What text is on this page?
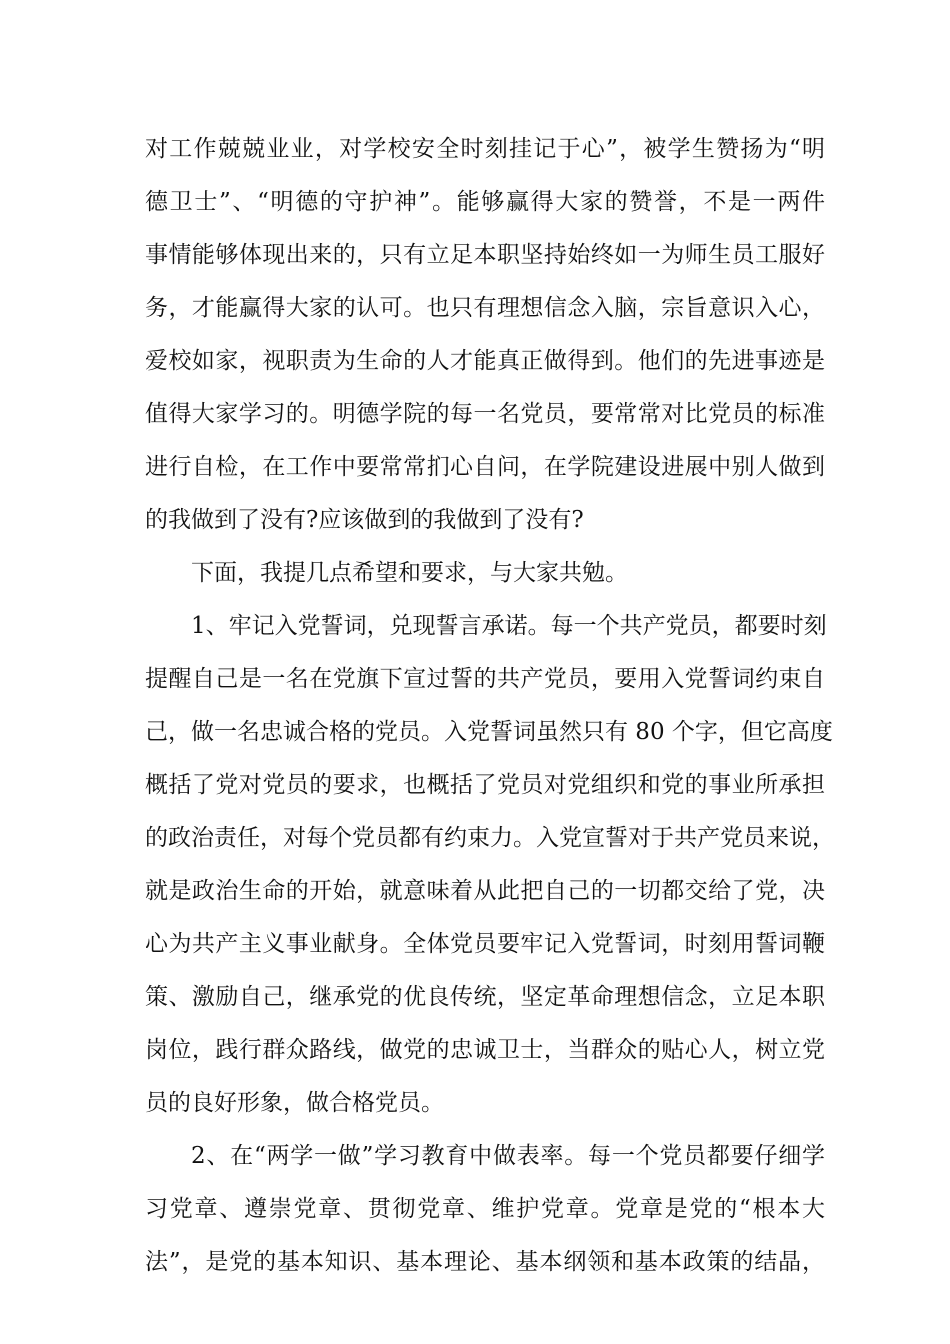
对工作兢兢业业，对学校安全时刻挂记于心”，被学生赞扬为“明
德卫士”、“明德的守护神”。能够赢得大家的赞誉，不是一两件
事情能够体现出来的，只有立足本职坚持始终如一为师生员工服好
务，才能赢得大家的认可。也只有理想信念入脑，宗旨意识入心，
爱校如家，视职责为生命的人才能真正做得到。他们的先进事迹是
值得大家学习的。明德学院的每一名党员，要常常对比党员的标准
进行自检，在工作中要常常扪心自问，在学院建设进展中别人做到
的我做到了没有?应该做到的我做到了没有?
下面，我提几点希望和要求，与大家共勉。
1、牢记入党誓词，兑现誓言承诺。每一个共产党员，都要时刻
提醒自己是一名在党旗下宣过誓的共产党员，要用入党誓词约束自
己，做一名忠诚合格的党员。入党誓词虽然只有 80 个字，但它高度
概括了党对党员的要求，也概括了党员对党组织和党的事业所承担
的政治责任，对每个党员都有约束力。入党宣誓对于共产党员来说，
就是政治生命的开始，就意味着从此把自己的一切都交给了党，决
心为共产主义事业献身。全体党员要牢记入党誓词，时刻用誓词鞭
策、激励自己，继承党的优良传统，坚定革命理想信念，立足本职
岗位，践行群众路线，做党的忠诚卫士，当群众的贴心人，树立党
员的良好形象，做合格党员。
2、在“两学一做”学习教育中做表率。每一个党员都要仔细学
习党章、遵崇党章、贯彻党章、维护党章。党章是党的“根本大
法”，是党的基本知识、基本理论、基本纲领和基本政策的结晶，
